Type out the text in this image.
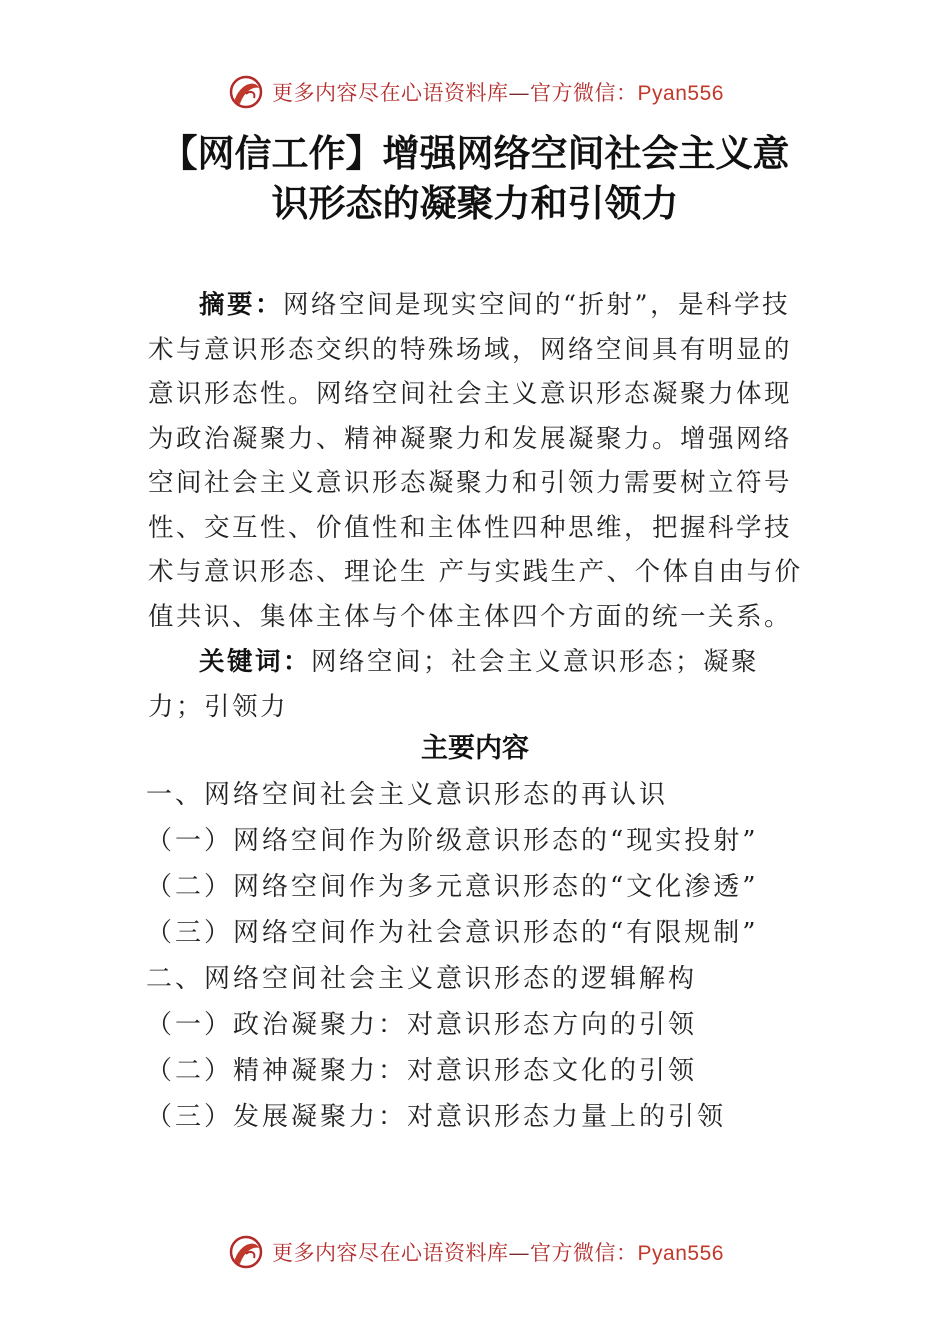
更多内容尽在心语资料库—官方微信：Pyan556
【网信工作】增强网络空间社会主义意
识形态的凝聚力和引领力
摘要：网络空间是现实空间的“折射”，是科学技术与意识形态交织的特殊场域，网络空间具有明显的意识形态性。网络空间社会主义意识形态凝聚力体现为政治凝聚力、精神凝聚力和发展凝聚力。增强网络空间社会主义意识形态凝聚力和引领力需要树立符号性、交互性、价值性和主体性四种思维，把握科学技术与意识形态、理论生 产与实践生产、个体自由与价值共识、集体主体与个体主体四个方面的统一关系。
关键词：网络空间；社会主义意识形态；凝聚力；引领力
主要内容
一、网络空间社会主义意识形态的再认识
（一）网络空间作为阶级意识形态的“现实投射”
（二）网络空间作为多元意识形态的“文化渗透”
（三）网络空间作为社会意识形态的“有限规制”
二、网络空间社会主义意识形态的逻辑解构
（一）政治凝聚力：对意识形态方向的引领
（二）精神凝聚力：对意识形态文化的引领
（三）发展凝聚力：对意识形态力量上的引领
更多内容尽在心语资料库—官方微信：Pyan556
